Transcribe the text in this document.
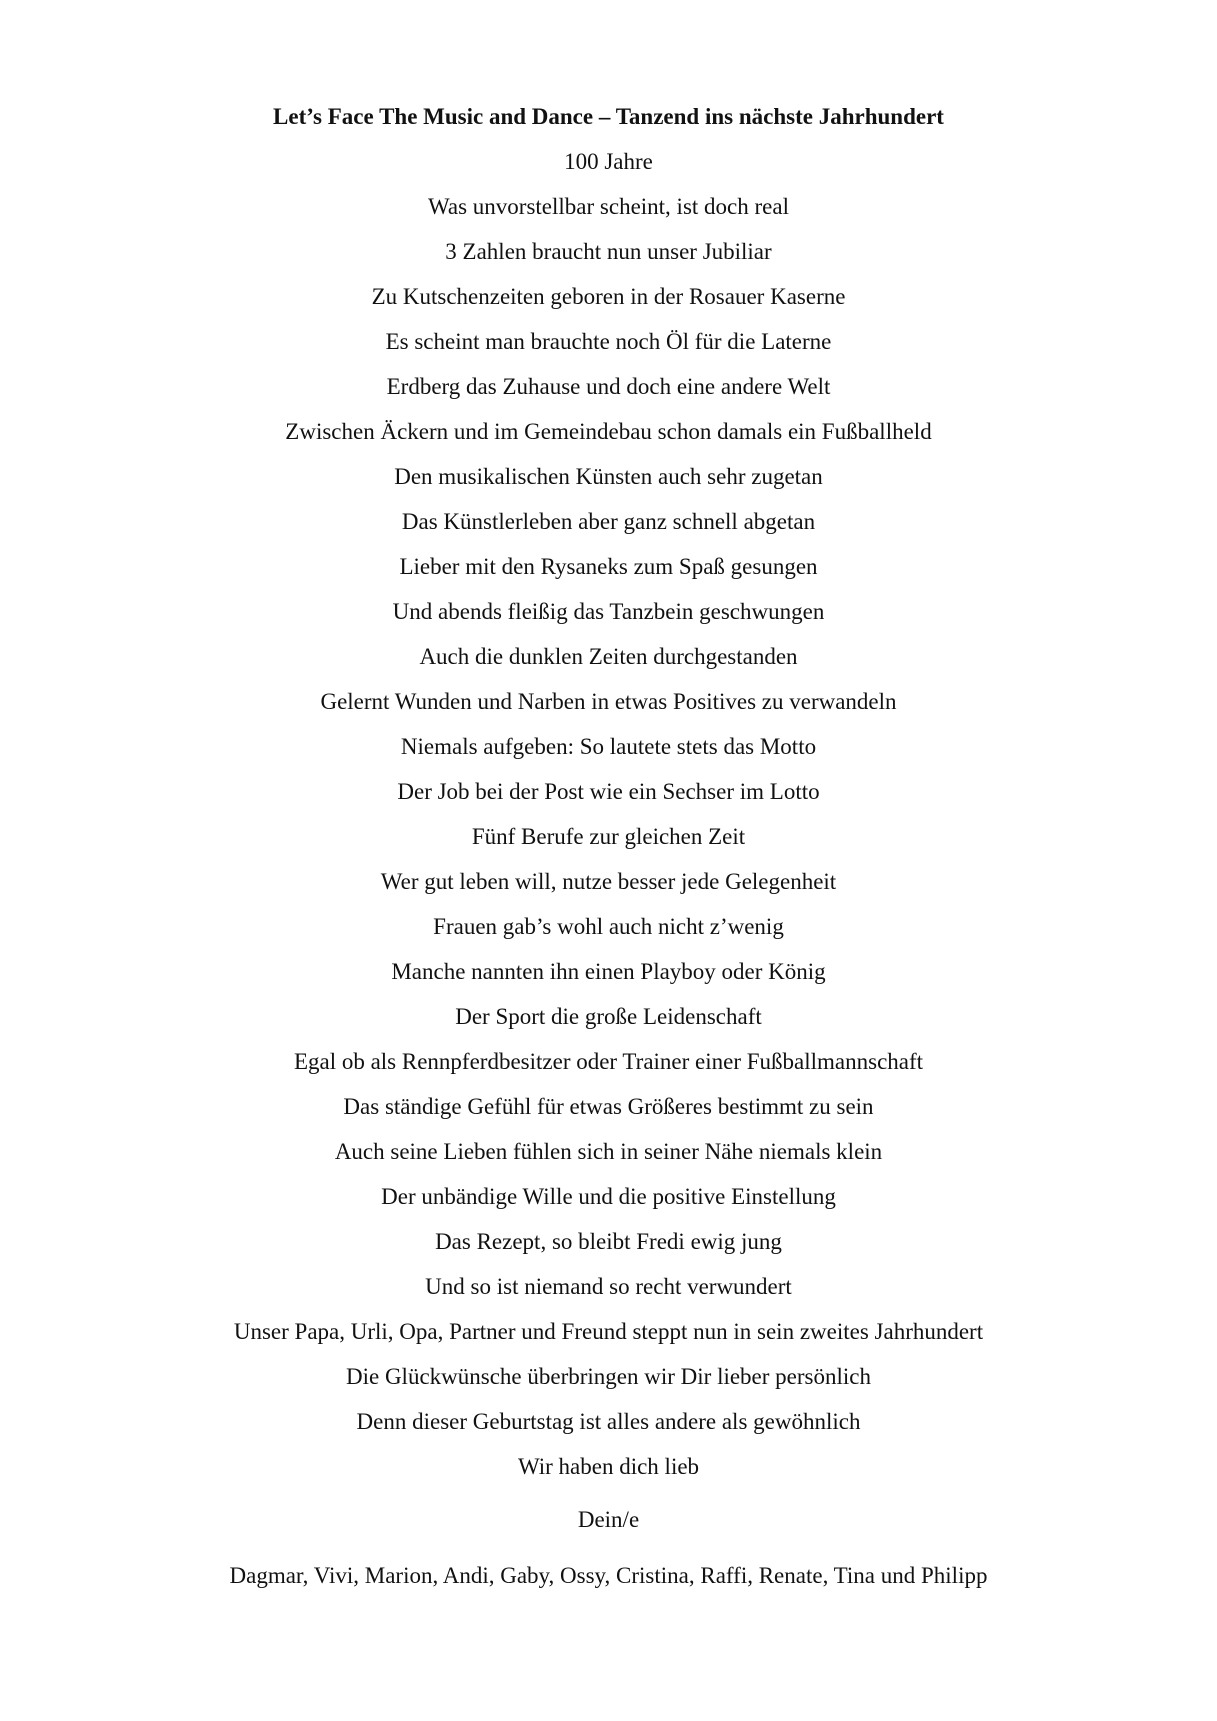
Let’s Face The Music and Dance – Tanzend ins nächste Jahrhundert
100 Jahre
Was unvorstellbar scheint, ist doch real
3 Zahlen braucht nun unser Jubiliar
Zu Kutschenzeiten geboren in der Rosauer Kaserne
Es scheint man brauchte noch Öl für die Laterne
Erdberg das Zuhause und doch eine andere Welt
Zwischen Äckern und im Gemeindebau schon damals ein Fußballheld
Den musikalischen Künsten auch sehr zugetan
Das Künstlerleben aber ganz schnell abgetan
Lieber mit den Rysaneks zum Spaß gesungen
Und abends fleißig das Tanzbein geschwungen
Auch die dunklen Zeiten durchgestanden
Gelernt Wunden und Narben in etwas Positives zu verwandeln
Niemals aufgeben: So lautete stets das Motto
Der Job bei der Post wie ein Sechser im Lotto
Fünf Berufe zur gleichen Zeit
Wer gut leben will, nutze besser jede Gelegenheit
Frauen gab’s wohl auch nicht z’wenig
Manche nannten ihn einen Playboy oder König
Der Sport die große Leidenschaft
Egal ob als Rennpferdbesitzer oder Trainer einer Fußballmannschaft
Das ständige Gefühl für etwas Größeres bestimmt zu sein
Auch seine Lieben fühlen sich in seiner Nähe niemals klein
Der unbändige Wille und die positive Einstellung
Das Rezept, so bleibt Fredi ewig jung
Und so ist niemand so recht verwundert
Unser Papa, Urli, Opa, Partner und Freund steppt nun in sein zweites Jahrhundert
Die Glückwünsche überbringen wir Dir lieber persönlich
Denn dieser Geburtstag ist alles andere als gewöhnlich
Wir haben dich lieb
Dein/e
Dagmar, Vivi, Marion, Andi, Gaby, Ossy, Cristina, Raffi, Renate, Tina und Philipp
